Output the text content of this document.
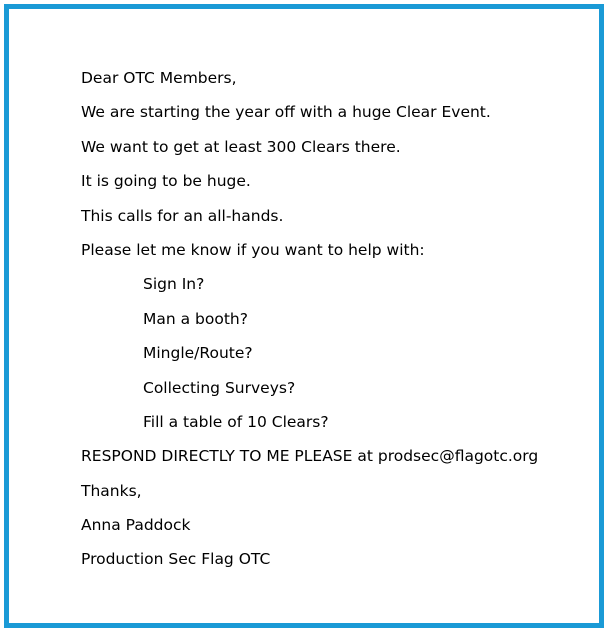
Dear OTC Members,
We are starting the year off with a huge Clear Event.
We want to get at least 300 Clears there.
It is going to be huge.
This calls for an all-hands.
Please let me know if you want to help with:
Sign In?
Man a booth?
Mingle/Route?
Collecting Surveys?
Fill a table of 10 Clears?
RESPOND DIRECTLY TO ME PLEASE at prodsec@flagotc.org
Thanks,
Anna Paddock
Production Sec Flag OTC
